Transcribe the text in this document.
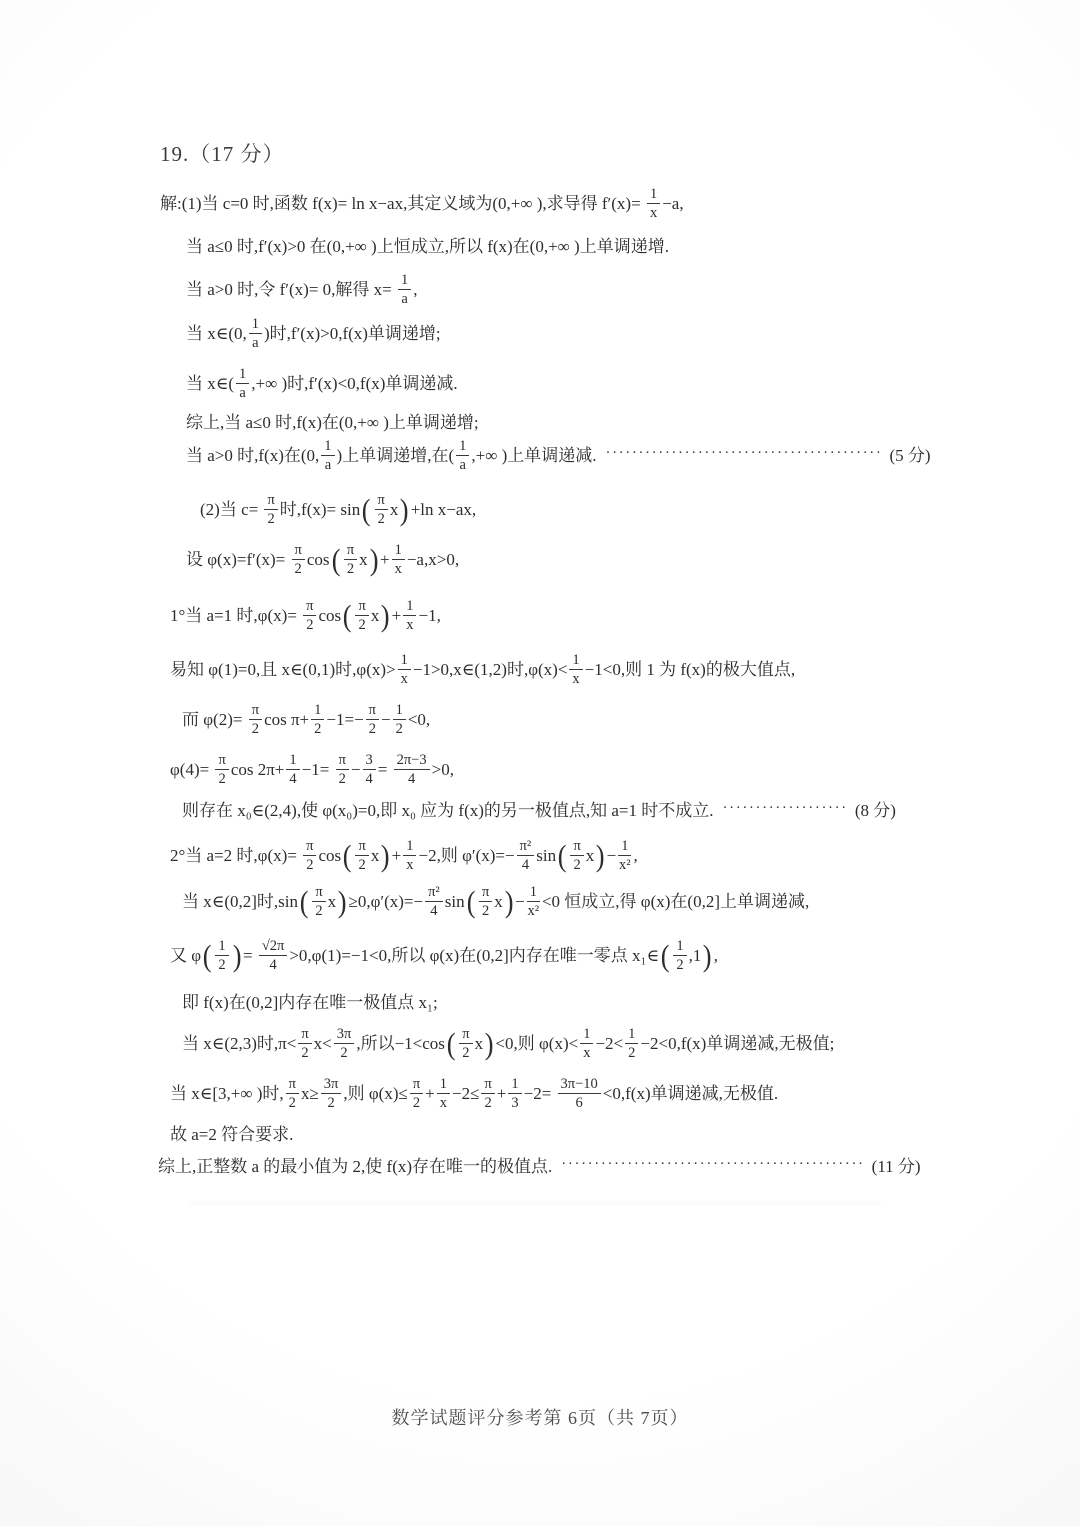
19.（17 分）
解:(1)当 c=0 时,函数 f(x)= ln x−ax,其定义域为(0,+∞ ),求导得 $f'(x)= \frac{1}{x} -a$,
当 a≤0 时,f′(x)>0 在(0,+∞ )上恒成立,所以 f(x)在(0,+∞ )上单调递增.
当 a>0 时,令 f′(x)= 0,解得 $x= \frac{1}{a}$ ,
当 x∈(0, $\frac{1}{a}$ )时,f′(x)>0,f(x)单调递增;
当 x∈( $\frac{1}{a}$ ,+∞ )时,f′(x)<0,f(x)单调递减.
综上,当 a≤0 时,f(x)在(0,+∞ )上单调递增;
当 a>0 时,f(x)在(0, $\frac{1}{a}$ )上单调递增,在( $\frac{1}{a}$ ,+∞ )上单调递减. ·········································· (5 分)
(2)当 $c= \frac{\pi}{2}$ 时,f(x)= sin ( $\frac{\pi}{2}$ x ) +ln x−ax,
设 $\varphi(x)=f'(x)= \frac{\pi}{2}$ cos ( $\frac{\pi}{2}$ x ) + $\frac{1}{x} -a,x>0$,
1°当 a=1 时$,\varphi(x)= \frac{\pi}{2}$ cos ( $\frac{\pi}{2}$ x ) + $\frac{1}{x} -1$,
易知 φ(1)=0,且 x∈(0,1)时$,\varphi(x)> \frac{1}{x}$ −1>0,x∈(1,2)时$,\varphi(x)< \frac{1}{x} -1<0$,则 1 为 f(x)的极大值点,
而 $\varphi(2)= \frac{\pi}{2}$ $\cos \pi+ \frac{1}{2} -1=- \frac{\pi}{2} - \frac{1}{2} <0$,
$\varphi(4)= \frac{\pi}{2}$ $\cos 2\pi+ \frac{1}{4} -1= \frac{\pi}{2} - \frac{3}{4} = \frac{2\pi-3}{4} >0$,
则存在 x₀∈(2,4),使 φ(x₀)=0,即 x₀ 应为 f(x)的另一极值点,知 a=1 时不成立. ··················· (8 分)
2°当 a=2 时$,\varphi(x)= \frac{\pi}{2}$ cos ( $\frac{\pi}{2}$ x ) + $\frac{1}{x} -2$,则 $\varphi'(x)=- \frac{\text{π²}}{4}$ sin ( $\frac{\pi}{2}$ x ) − $\frac{1}{\text{x²}}$ ,
当 x∈(0,2]时,sin ( $\frac{\pi}{2}$ x ) $\ge 0,\varphi'(x)=- \frac{\text{π²}}{4}$ sin ( $\frac{\pi}{2}$ x ) − $\frac{1}{\text{x²}} <0$ 恒成立,得 φ(x)在(0,2]上单调递减,
又 φ ( $\frac{1}{2}$ ) = $\frac{√2\pi}{4} >0,\varphi(1)=-1<0$,所以 φ(x)在(0,2]内存在唯一零点 x₁∈ ( $\frac{1}{2} ,1$ ) ,
即 f(x)在(0,2]内存在唯一极值点 x₁;
当 x∈(2,3)时$,\pi< \frac{\pi}{2} x< \frac{3\pi}{2}$ ,所以−1<cos ( $\frac{\pi}{2}$ x ) <0,则 $\varphi(x)< \frac{1}{x} -2< \frac{1}{2} -2<0,f(x)$单调递减,无极值;
当 x∈[3,+∞ )时, $\frac{\pi}{2} x\ge \frac{3\pi}{2}$ ,则 $\varphi(x)\le \frac{\pi}{2} + \frac{1}{x} -2\le \frac{\pi}{2} + \frac{1}{3} -2= \frac{3\pi-10}{6} <0,f(x)$单调递减,无极值.
故 a=2 符合要求.
综上,正整数 a 的最小值为 2,使 f(x)存在唯一的极值点. ·············································· (11 分)
数学试题评分参考第 6页（共 7页）
